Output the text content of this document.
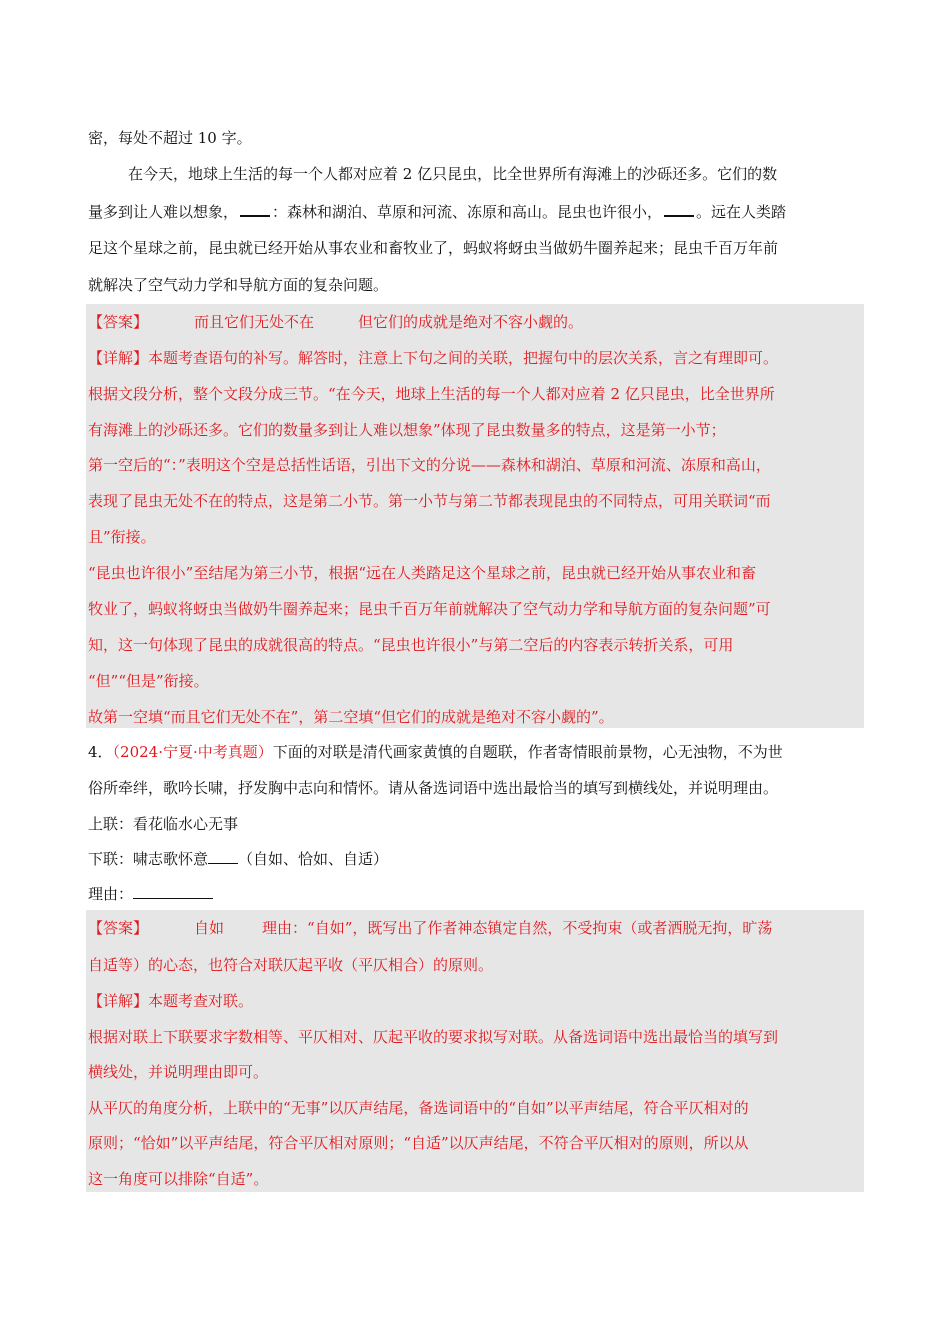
密，每处不超过 10 字。
在今天，地球上生活的每一个人都对应着 2 亿只昆虫，比全世界所有海滩上的沙砾还多。它们的数
量多到让人难以想象， ：森林和湖泊、草原和河流、冻原和高山。昆虫也许很小， 。远在人类踏
足这个星球之前，昆虫就已经开始从事农业和畜牧业了，蚂蚁将蚜虫当做奶牛圈养起来；昆虫千百万年前
就解决了空气动力学和导航方面的复杂问题。
【答案】	而且它们无处不在	但它们的成就是绝对不容小觑的。
【详解】本题考查语句的补写。解答时，注意上下句之间的关联，把握句中的层次关系，言之有理即可。
根据文段分析，整个文段分成三节。“在今天，地球上生活的每一个人都对应着 2 亿只昆虫，比全世界所
有海滩上的沙砾还多。它们的数量多到让人难以想象”体现了昆虫数量多的特点，这是第一小节；
第一空后的“：”表明这个空是总括性话语，引出下文的分说——森林和湖泊、草原和河流、冻原和高山，
表现了昆虫无处不在的特点，这是第二小节。第一小节与第二节都表现昆虫的不同特点，可用关联词“而
且”衔接。
“昆虫也许很小”至结尾为第三小节，根据“远在人类踏足这个星球之前，昆虫就已经开始从事农业和畜
牧业了，蚂蚁将蚜虫当做奶牛圈养起来；昆虫千百万年前就解决了空气动力学和导航方面的复杂问题”可
知，这一句体现了昆虫的成就很高的特点。“昆虫也许很小”与第二空后的内容表示转折关系，可用
“但”“但是”衔接。
故第一空填“而且它们无处不在”，第二空填“但它们的成就是绝对不容小觑的”。
4．（2024·宁夏·中考真题）下面的对联是清代画家黄慎的自题联，作者寄情眼前景物，心无浊物，不为世
俗所牵绊，歌吟长啸，抒发胸中志向和情怀。请从备选词语中选出最恰当的填写到横线处，并说明理由。
上联：看花临水心无事
下联：啸志歌怀意 （自如、恰如、自适）
理由：
【答案】	自如	理由：“自如”，既写出了作者神态镇定自然，不受拘束（或者洒脱无拘，旷荡
自适等）的心态，也符合对联仄起平收（平仄相合）的原则。
【详解】本题考查对联。
根据对联上下联要求字数相等、平仄相对、仄起平收的要求拟写对联。从备选词语中选出最恰当的填写到
横线处，并说明理由即可。
从平仄的角度分析，上联中的“无事”以仄声结尾，备选词语中的“自如”以平声结尾，符合平仄相对的
原则；“恰如”以平声结尾，符合平仄相对原则；“自适”以仄声结尾，不符合平仄相对的原则，所以从
这一角度可以排除“自适”。
